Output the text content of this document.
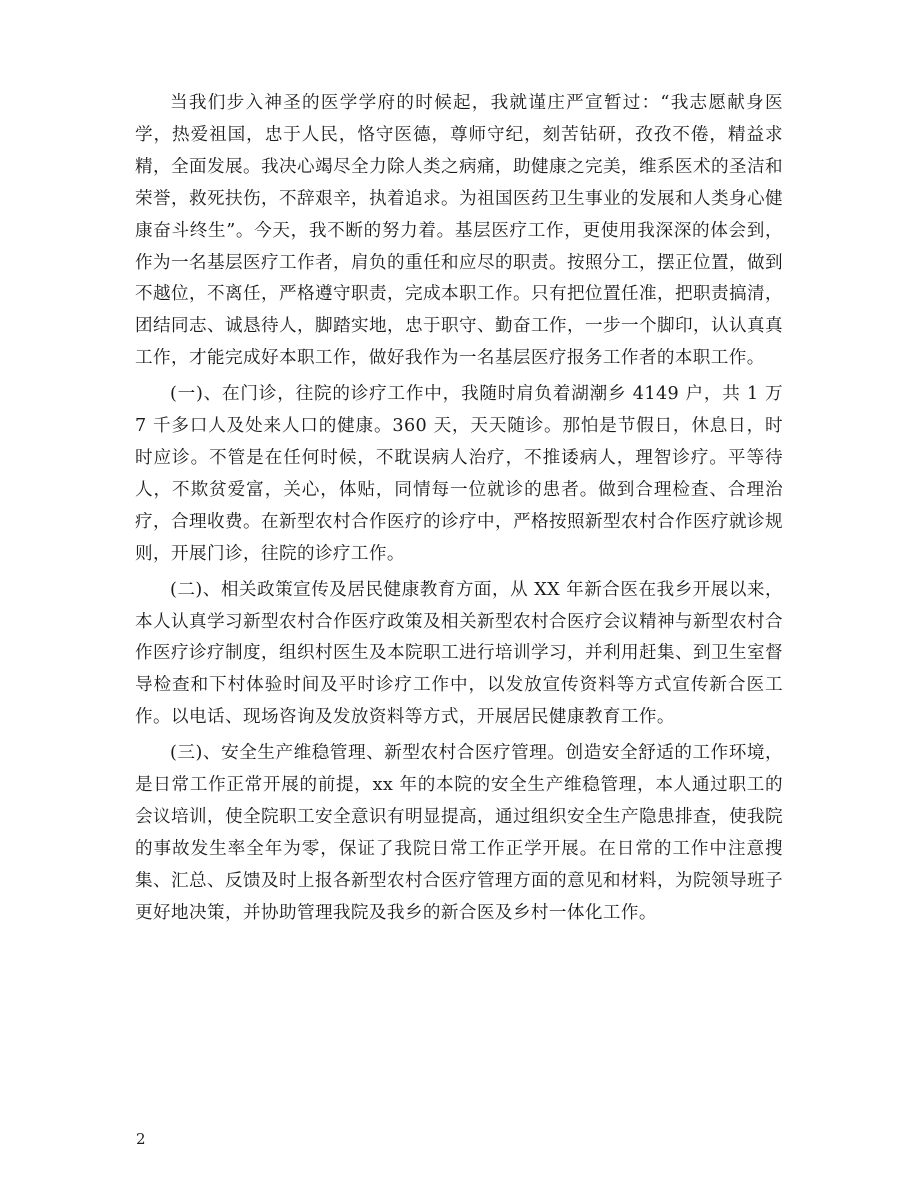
当我们步入神圣的医学学府的时候起，我就谨庄严宣暂过：“我志愿献身医学，热爱祖国，忠于人民，恪守医德，尊师守纪，刻苦钻研，孜孜不倦，精益求精，全面发展。我决心竭尽全力除人类之病痛，助健康之完美，维系医术的圣洁和荣誉，救死扶伤，不辞艰辛，执着追求。为祖国医药卫生事业的发展和人类身心健康奋斗终生”。今天，我不断的努力着。基层医疗工作，更使用我深深的体会到，作为一名基层医疗工作者，肩负的重任和应尽的职责。按照分工，摆正位置，做到不越位，不离任，严格遵守职责，完成本职工作。只有把位置任准，把职责搞清，团结同志、诚恳待人，脚踏实地，忠于职守、勤奋工作，一步一个脚印，认认真真工作，才能完成好本职工作，做好我作为一名基层医疗报务工作者的本职工作。

(一)、在门诊，往院的诊疗工作中，我随时肩负着湖潮乡 4149 户，共 1 万 7 千多口人及处来人口的健康。360 天，天天随诊。那怕是节假日，休息日，时时应诊。不管是在任何时候，不耽误病人治疗，不推诿病人，理智诊疗。平等待人，不欺贫爱富，关心，体贴，同情每一位就诊的患者。做到合理检查、合理治疗，合理收费。在新型农村合作医疗的诊疗中，严格按照新型农村合作医疗就诊规则，开展门诊，往院的诊疗工作。

(二)、相关政策宣传及居民健康教育方面，从 XX 年新合医在我乡开展以来，本人认真学习新型农村合作医疗政策及相关新型农村合医疗会议精神与新型农村合作医疗诊疗制度，组织村医生及本院职工进行培训学习，并利用赶集、到卫生室督导检查和下村体验时间及平时诊疗工作中，以发放宣传资料等方式宣传新合医工作。以电话、现场咨询及发放资料等方式，开展居民健康教育工作。

(三)、安全生产维稳管理、新型农村合医疗管理。创造安全舒适的工作环境，是日常工作正常开展的前提，xx 年的本院的安全生产维稳管理，本人通过职工的会议培训，使全院职工安全意识有明显提高，通过组织安全生产隐患排查，使我院的事故发生率全年为零，保证了我院日常工作正学开展。在日常的工作中注意搜集、汇总、反馈及时上报各新型农村合医疗管理方面的意见和材料，为院领导班子更好地决策，并协助管理我院及我乡的新合医及乡村一体化工作。

2
